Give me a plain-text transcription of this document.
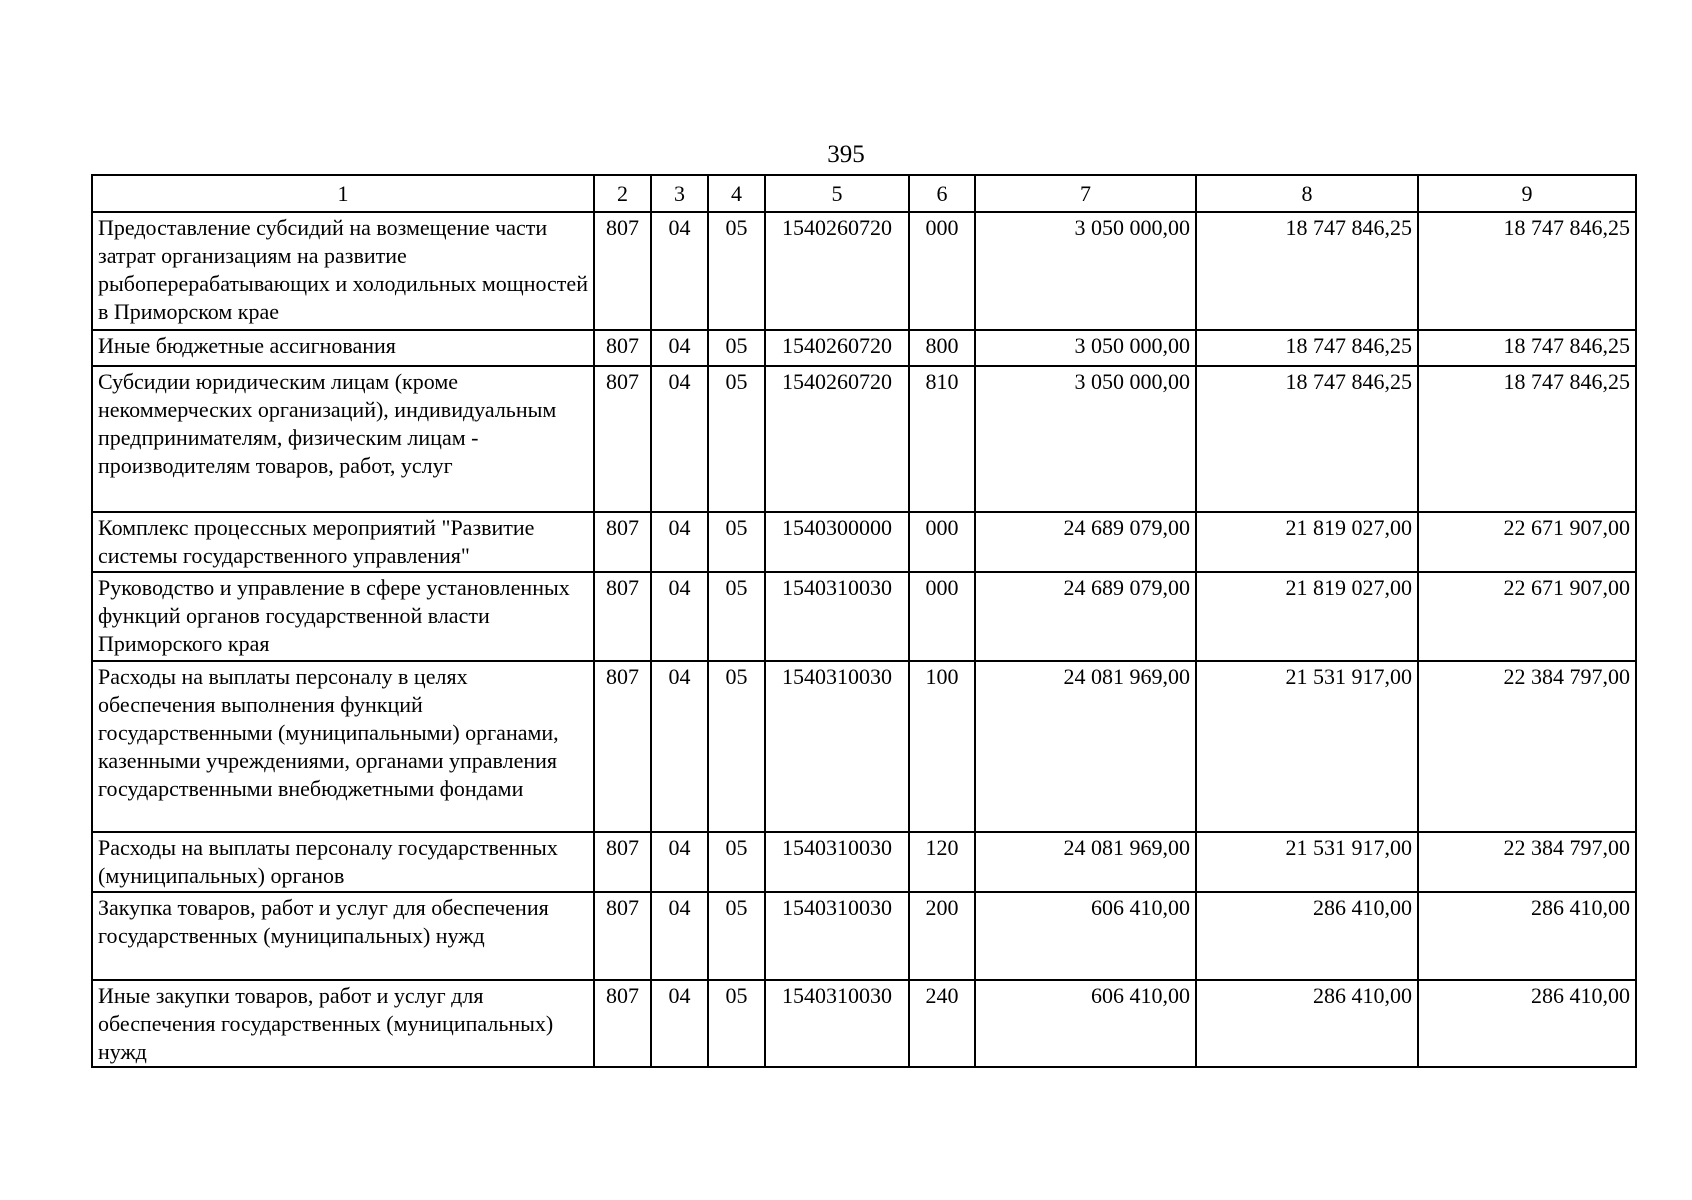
395
1	2	3	4	5	6	7	8	9
Предоставление субсидий на возмещение части затрат организациям на развитие рыбоперерабатывающих и холодильных мощностей в Приморском крае	807	04	05	1540260720	000	3 050 000,00	18 747 846,25	18 747 846,25
Иные бюджетные ассигнования	807	04	05	1540260720	800	3 050 000,00	18 747 846,25	18 747 846,25
Субсидии юридическим лицам (кроме некоммерческих организаций), индивидуальным предпринимателям, физическим лицам - производителям товаров, работ, услуг	807	04	05	1540260720	810	3 050 000,00	18 747 846,25	18 747 846,25
Комплекс процессных мероприятий "Развитие системы государственного управления"	807	04	05	1540300000	000	24 689 079,00	21 819 027,00	22 671 907,00
Руководство и управление в сфере установленных функций органов государственной власти Приморского края	807	04	05	1540310030	000	24 689 079,00	21 819 027,00	22 671 907,00
Расходы на выплаты персоналу в целях обеспечения выполнения функций государственными (муниципальными) органами, казенными учреждениями, органами управления государственными внебюджетными фондами	807	04	05	1540310030	100	24 081 969,00	21 531 917,00	22 384 797,00
Расходы на выплаты персоналу государственных (муниципальных) органов	807	04	05	1540310030	120	24 081 969,00	21 531 917,00	22 384 797,00
Закупка товаров, работ и услуг для обеспечения государственных (муниципальных) нужд	807	04	05	1540310030	200	606 410,00	286 410,00	286 410,00
Иные закупки товаров, работ и услуг для обеспечения государственных (муниципальных) нужд	807	04	05	1540310030	240	606 410,00	286 410,00	286 410,00
